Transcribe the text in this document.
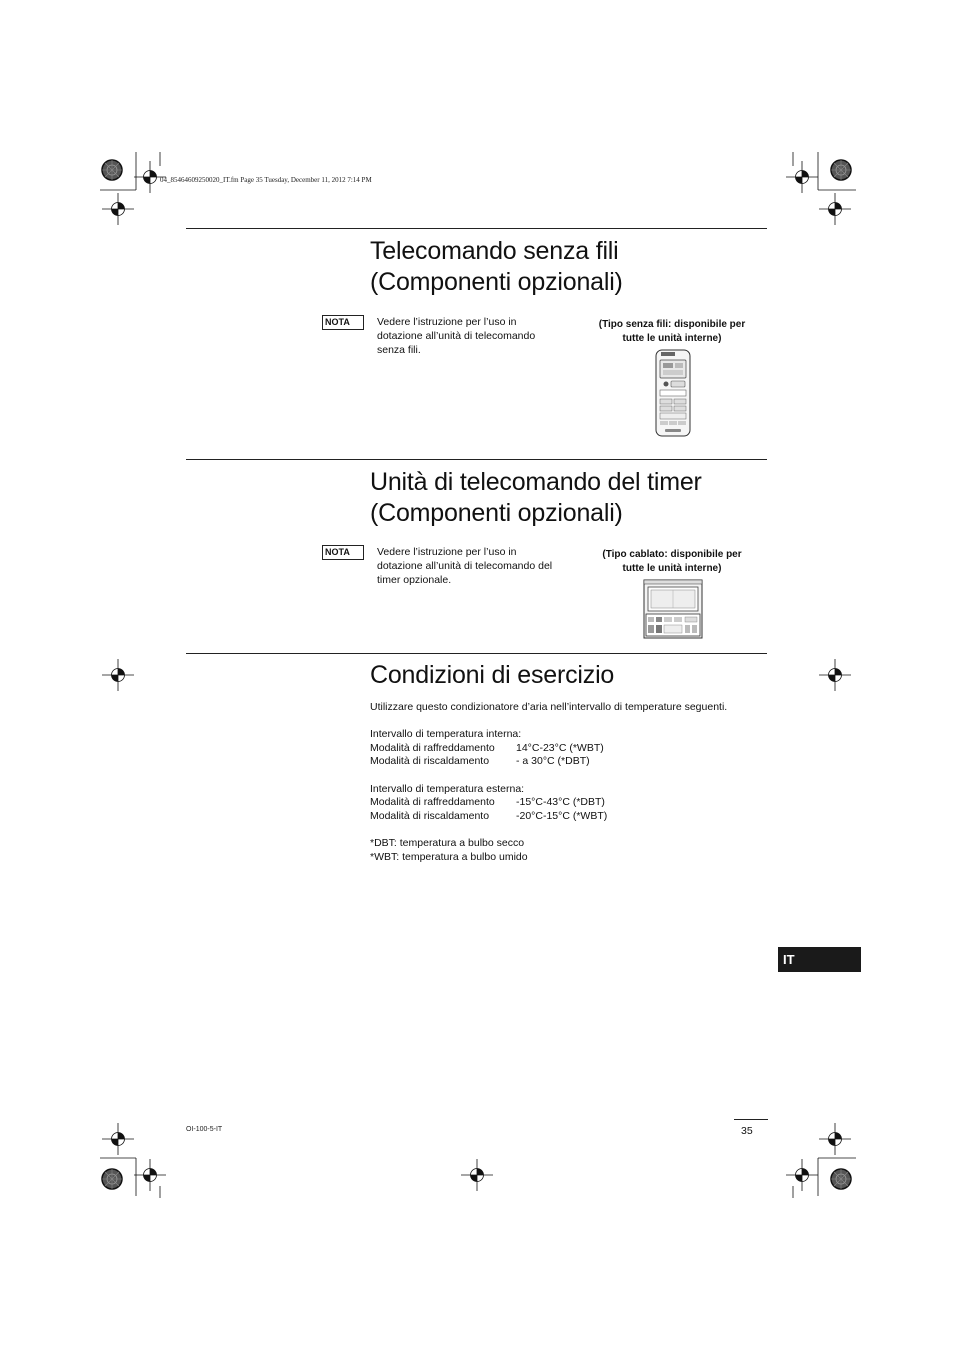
04_85464609250020_IT.fm Page 35 Tuesday, December 11, 2012 7:14 PM
Telecomando senza fili
(Componenti opzionali)
NOTA	Vedere l’istruzione per l’uso in
dotazione all’unità di telecomando
senza fili.
(Tipo senza fili: disponibile per
tutte le unità interne)
Unità di telecomando del timer
(Componenti opzionali)
NOTA	Vedere l’istruzione per l’uso in
dotazione all’unità di telecomando del
timer opzionale.
(Tipo cablato: disponibile per
tutte le unità interne)
Condizioni di esercizio
Utilizzare questo condizionatore d’aria nell’intervallo di temperature seguenti.
Intervallo di temperatura interna:
Modalità di raffreddamento	14°C-23°C (*WBT)
Modalità di riscaldamento	- a 30°C (*DBT)
Intervallo di temperatura esterna:
Modalità di raffreddamento	-15°C-43°C (*DBT)
Modalità di riscaldamento	-20°C-15°C (*WBT)
*DBT: temperatura a bulbo secco
*WBT: temperatura a bulbo umido
IT
OI-100-5-IT	35
